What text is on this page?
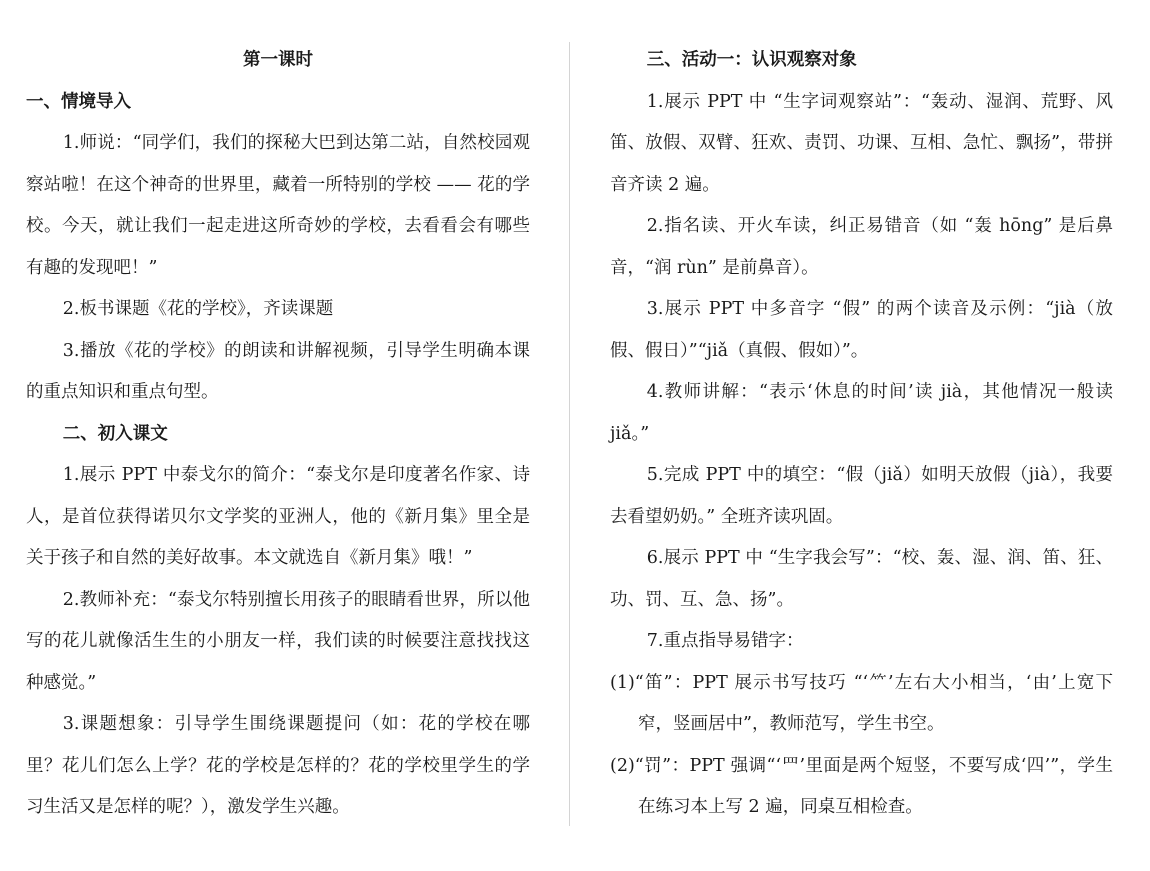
第一课时

一、情境导入

1.师说：“同学们，我们的探秘大巴到达第二站，自然校园观察站啦！在这个神奇的世界里，藏着一所特别的学校 —— 花的学校。今天，就让我们一起走进这所奇妙的学校，去看看会有哪些有趣的发现吧！”

2.板书课题《花的学校》，齐读课题

3.播放《花的学校》的朗读和讲解视频，引导学生明确本课的重点知识和重点句型。

二、初入课文

1.展示 PPT 中泰戈尔的简介：“泰戈尔是印度著名作家、诗人，是首位获得诺贝尔文学奖的亚洲人，他的《新月集》里全是关于孩子和自然的美好故事。本文就选自《新月集》哦！”

2.教师补充：“泰戈尔特别擅长用孩子的眼睛看世界，所以他写的花儿就像活生生的小朋友一样，我们读的时候要注意找找这种感觉。”

3.课题想象：引导学生围绕课题提问（如：花的学校在哪里？花儿们怎么上学？花的学校是怎样的？花的学校里学生的学习生活又是怎样的呢？），激发学生兴趣。

三、活动一：认识观察对象

1.展示 PPT 中 “生字词观察站”：“轰动、湿润、荒野、风笛、放假、双臂、狂欢、责罚、功课、互相、急忙、飘扬”，带拼音齐读 2 遍。

2.指名读、开火车读，纠正易错音（如 “轰 hōng” 是后鼻音，“润 rùn” 是前鼻音）。

3.展示 PPT 中多音字 “假” 的两个读音及示例：“jià（放假、假日）”“jiǎ（真假、假如）”。

4.教师讲解：“表示‘休息的时间’读 jià，其他情况一般读 jiǎ。”

5.完成 PPT 中的填空：“假（jiǎ）如明天放假（jià），我要去看望奶奶。” 全班齐读巩固。

6.展示 PPT 中 “生字我会写”：“校、轰、湿、润、笛、狂、功、罚、互、急、扬”。

7.重点指导易错字：

(1)“笛”：PPT 展示书写技巧 “‘⺮’左右大小相当，‘由’上宽下窄，竖画居中”，教师范写，学生书空。

(2)“罚”：PPT 强调“‘罒’里面是两个短竖，不要写成‘四’”，学生在练习本上写 2 遍，同桌互相检查。
